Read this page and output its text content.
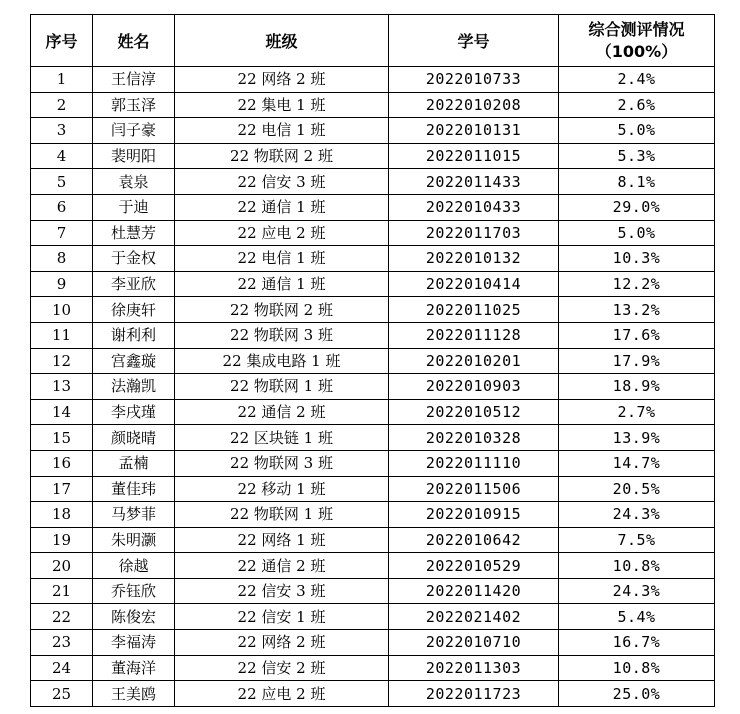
序号	姓名	班级	学号	综合测评情况
（100%）

1	王信淳	22 网络 2 班	2022010733	2.4%
2	郭玉泽	22 集电 1 班	2022010208	2.6%
3	闫子豪	22 电信 1 班	2022010131	5.0%
4	裴明阳	22 物联网 2 班	2022011015	5.3%
5	袁泉	22 信安 3 班	2022011433	8.1%
6	于迪	22 通信 1 班	2022010433	29.0%
7	杜慧芳	22 应电 2 班	2022011703	5.0%
8	于金权	22 电信 1 班	2022010132	10.3%
9	李亚欣	22 通信 1 班	2022010414	12.2%
10	徐庚轩	22 物联网 2 班	2022011025	13.2%
11	谢利利	22 物联网 3 班	2022011128	17.6%
12	宫鑫璇	22 集成电路 1 班	2022010201	17.9%
13	法瀚凯	22 物联网 1 班	2022010903	18.9%
14	李戌瑾	22 通信 2 班	2022010512	2.7%
15	颜晓晴	22 区块链 1 班	2022010328	13.9%
16	孟楠	22 物联网 3 班	2022011110	14.7%
17	董佳玮	22 移动 1 班	2022011506	20.5%
18	马梦菲	22 物联网 1 班	2022010915	24.3%
19	朱明灏	22 网络 1 班	2022010642	7.5%
20	徐越	22 通信 2 班	2022010529	10.8%
21	乔钰欣	22 信安 3 班	2022011420	24.3%
22	陈俊宏	22 信安 1 班	2022021402	5.4%
23	李福涛	22 网络 2 班	2022010710	16.7%
24	董海洋	22 信安 2 班	2022011303	10.8%
25	王美鸥	22 应电 2 班	2022011723	25.0%
